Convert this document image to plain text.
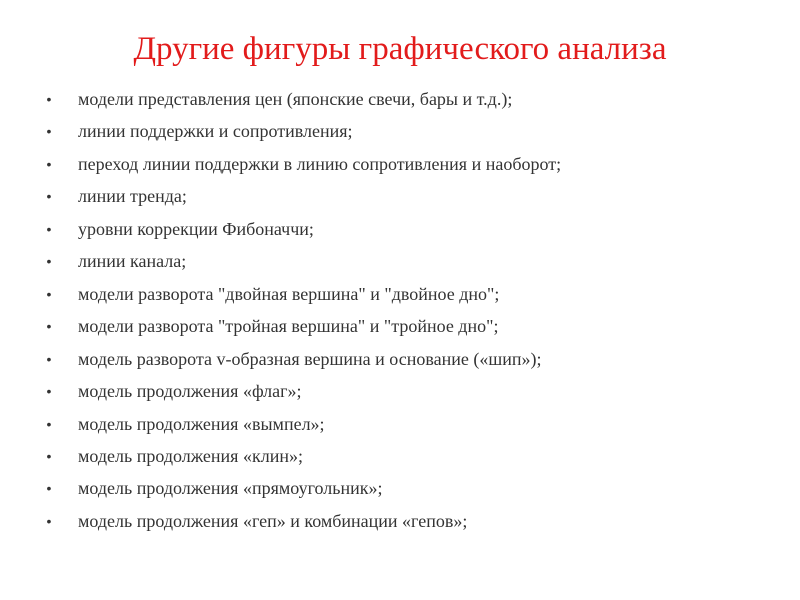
Другие фигуры графического анализа
• модели представления цен (японские свечи, бары и т.д.);
• линии поддержки и сопротивления;
• переход линии поддержки в линию сопротивления и наоборот;
• линии тренда;
• уровни коррекции Фибоначчи;
• линии канала;
• модели разворота "двойная вершина" и "двойное дно";
• модели разворота "тройная вершина" и "тройное дно";
• модель разворота v-образная вершина и основание («шип»);
• модель продолжения «флаг»;
• модель продолжения «вымпел»;
• модель продолжения «клин»;
• модель продолжения «прямоугольник»;
• модель продолжения «геп» и комбинации «гепов»;
